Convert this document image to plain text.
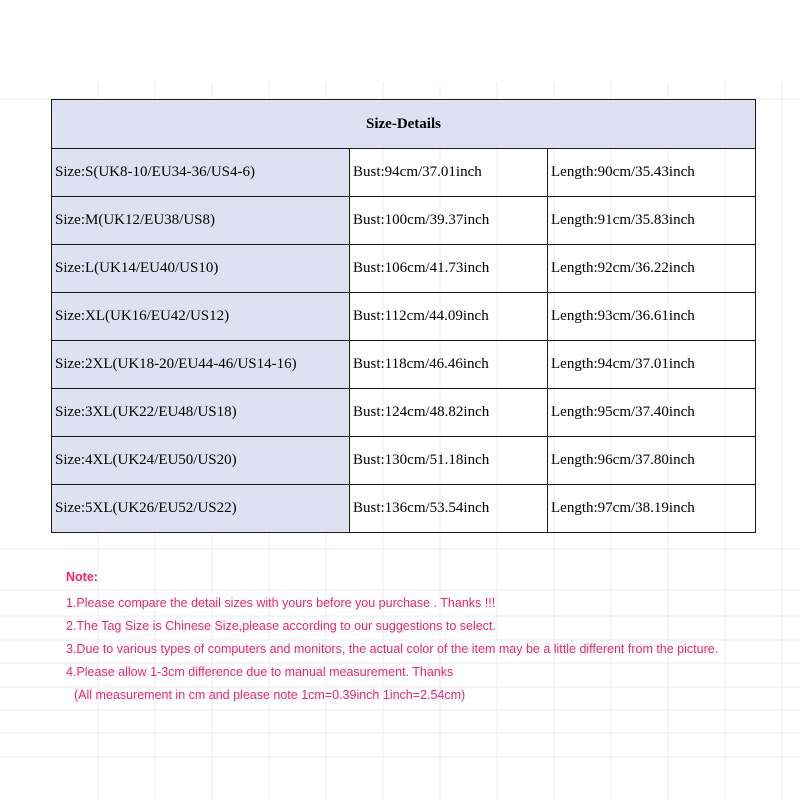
Size-Details		
Size:S(UK8-10/EU34-36/US4-6)	Bust:94cm/37.01inch	Length:90cm/35.43inch
Size:M(UK12/EU38/US8)	Bust:100cm/39.37inch	Length:91cm/35.83inch
Size:L(UK14/EU40/US10)	Bust:106cm/41.73inch	Length:92cm/36.22inch
Size:XL(UK16/EU42/US12)	Bust:112cm/44.09inch	Length:93cm/36.61inch
Size:2XL(UK18-20/EU44-46/US14-16)	Bust:118cm/46.46inch	Length:94cm/37.01inch
Size:3XL(UK22/EU48/US18)	Bust:124cm/48.82inch	Length:95cm/37.40inch
Size:4XL(UK24/EU50/US20)	Bust:130cm/51.18inch	Length:96cm/37.80inch
Size:5XL(UK26/EU52/US22)	Bust:136cm/53.54inch	Length:97cm/38.19inch
Note:
1.Please compare the detail sizes with yours before you purchase . Thanks !!!
2.The Tag Size is Chinese Size,please according to our suggestions to select.
3.Due to various types of computers and monitors, the actual color of the item may be a little different from the picture.
4.Please allow 1-3cm difference due to manual measurement. Thanks
(All measurement in cm and please note 1cm=0.39inch 1inch=2.54cm)
